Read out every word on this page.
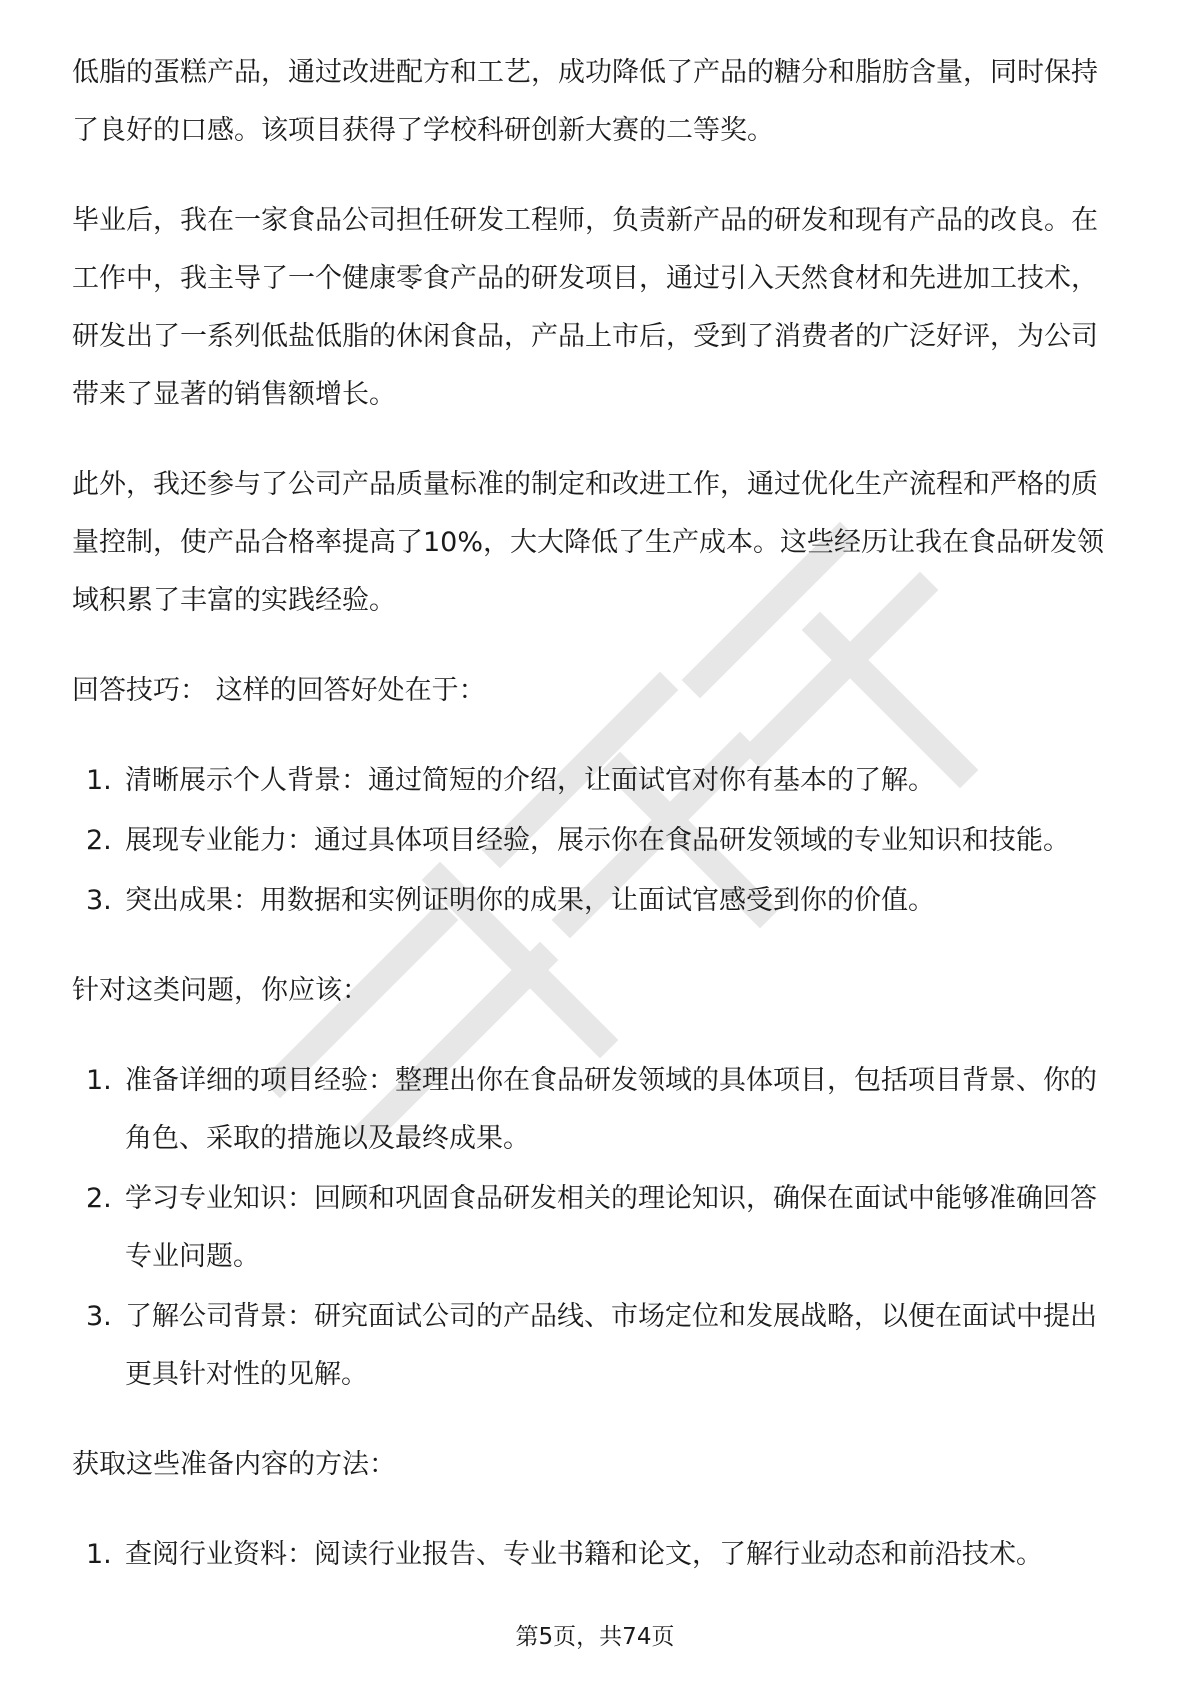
低脂的蛋糕产品，通过改进配方和工艺，成功降低了产品的糖分和脂肪含量，同时保持了良好的口感。该项目获得了学校科研创新大赛的二等奖。

毕业后，我在一家食品公司担任研发工程师，负责新产品的研发和现有产品的改良。在工作中，我主导了一个健康零食产品的研发项目，通过引入天然食材和先进加工技术，研发出了一系列低盐低脂的休闲食品，产品上市后，受到了消费者的广泛好评，为公司带来了显著的销售额增长。

此外，我还参与了公司产品质量标准的制定和改进工作，通过优化生产流程和严格的质量控制，使产品合格率提高了10%，大大降低了生产成本。这些经历让我在食品研发领域积累了丰富的实践经验。

回答技巧： 这样的回答好处在于：

1. 清晰展示个人背景：通过简短的介绍，让面试官对你有基本的了解。
2. 展现专业能力：通过具体项目经验，展示你在食品研发领域的专业知识和技能。
3. 突出成果：用数据和实例证明你的成果，让面试官感受到你的价值。

针对这类问题，你应该：

1. 准备详细的项目经验：整理出你在食品研发领域的具体项目，包括项目背景、你的角色、采取的措施以及最终成果。
2. 学习专业知识：回顾和巩固食品研发相关的理论知识，确保在面试中能够准确回答专业问题。
3. 了解公司背景：研究面试公司的产品线、市场定位和发展战略，以便在面试中提出更具针对性的见解。

获取这些准备内容的方法：

1. 查阅行业资料：阅读行业报告、专业书籍和论文，了解行业动态和前沿技术。
第5页，共74页
